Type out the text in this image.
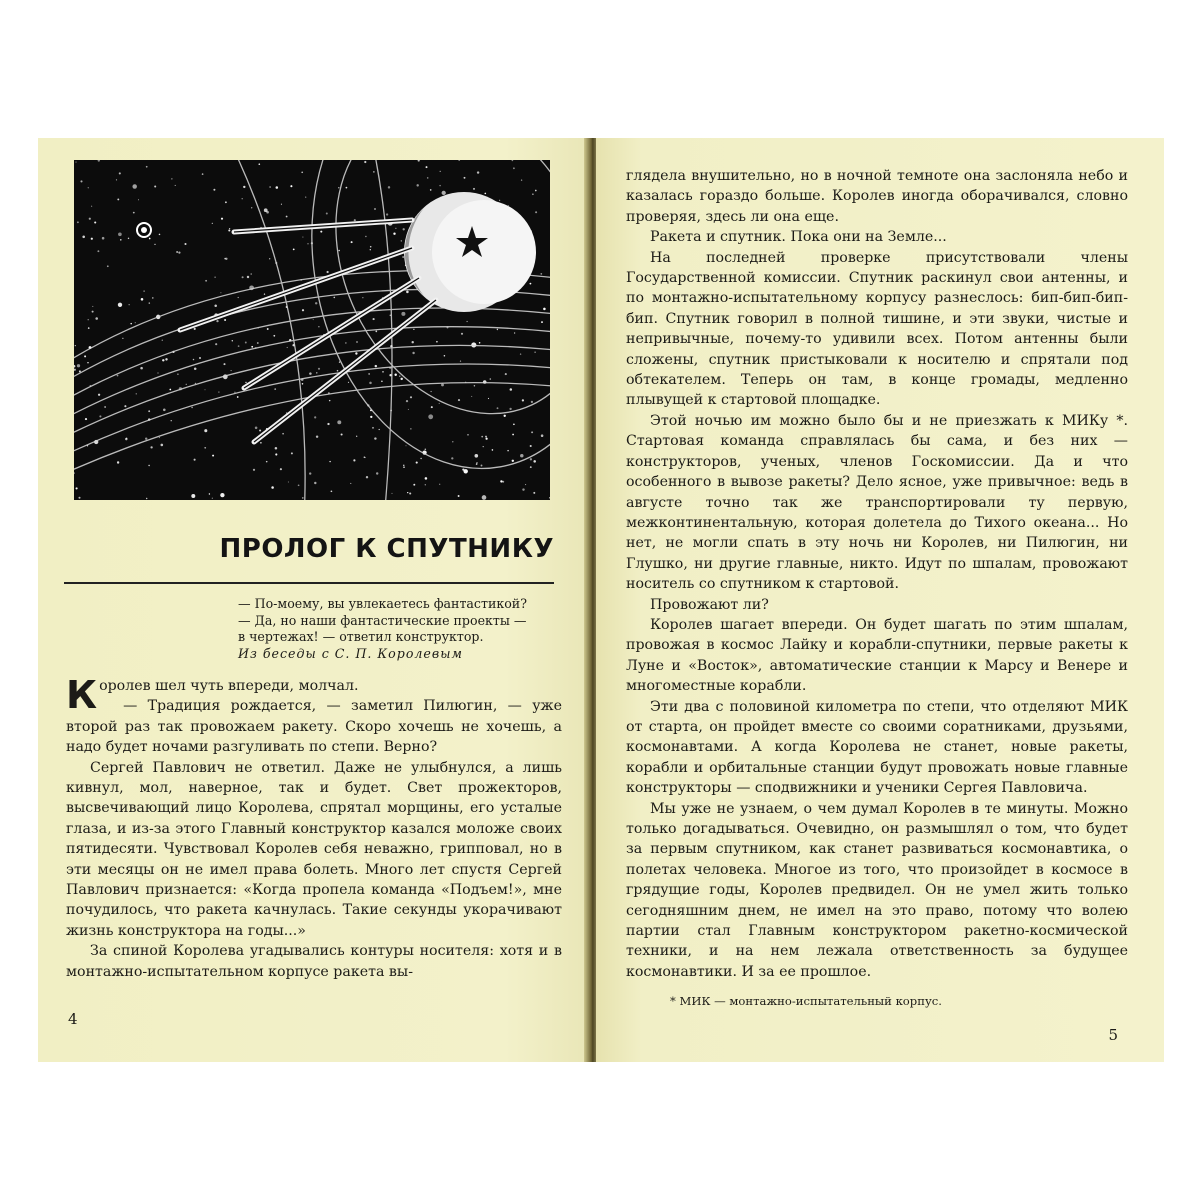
ПРОЛОГ К СПУТНИКУ
— По-моему, вы увлекаетесь фантастикой?
— Да, но наши фантастические проекты —
в чертежах! — ответил конструктор.
Из беседы с С. П. Королевым

Королев шел чуть впереди, молчал.

— Традиция рождается, — заметил Пилюгин, — уже второй раз так провожаем ракету. Скоро хочешь не хочешь, а надо будет ночами разгуливать по степи. Верно?

Сергей Павлович не ответил. Даже не улыбнулся, а лишь кивнул, мол, наверное, так и будет. Свет прожекторов, высвечивающий лицо Королева, спрятал морщины, его усталые глаза, и из-за этого Главный конструктор казался моложе своих пятидесяти. Чувствовал Королев себя неважно, гриппoвал, но в эти месяцы он не имел права болеть. Много лет спустя Сергей Павлович признается: «Когда пропела команда «Подъем!», мне почудилось, что ракета качнулась. Такие секунды укорачивают жизнь конструктора на годы...»

За спиной Королева угадывались контуры носителя: хотя и в монтажно-испытательном корпусе ракета вы-

4

глядела внушительно, но в ночной темноте она заслоняла небо и казалась гораздо больше. Королев иногда оборачивался, словно проверяя, здесь ли она еще.

Ракета и спутник. Пока они на Земле...

На последней проверке присутствовали члены Государственной комиссии. Спутник раскинул свои антенны, и по монтажно-испытательному корпусу разнеслось: бип-бип-бип-бип. Спутник говорил в полной тишине, и эти звуки, чистые и непривычные, почему-то удивили всех. Потом антенны были сложены, спутник пристыковали к носителю и спрятали под обтекателем. Теперь он там, в конце громады, медленно плывущей к стартовой площадке.

Этой ночью им можно было бы и не приезжать к МИКу *. Стартовая команда справлялась бы сама, и без них — конструкторов, ученых, членов Госкомиссии. Да и что особенного в вывозе ракеты? Дело ясное, уже привычное: ведь в августе точно так же транспортировали ту первую, межконтинентальную, которая долетела до Тихого океана... Но нет, не могли спать в эту ночь ни Королев, ни Пилюгин, ни Глушко, ни другие главные, никто. Идут по шпалам, провожают носитель со спутником к стартовой.

Провожают ли?

Королев шагает впереди. Он будет шагать по этим шпалам, провожая в космос Лайку и корабли-спутники, первые ракеты к Луне и «Восток», автоматические станции к Марсу и Венере и многоместные корабли.

Эти два с половиной километра по степи, что отделяют МИК от старта, он пройдет вместе со своими соратниками, друзьями, космонавтами. А когда Королева не станет, новые ракеты, корабли и орбитальные станции будут провожать новые главные конструкторы — сподвижники и ученики Сергея Павловича.

Мы уже не узнаем, о чем думал Королев в те минуты. Можно только догадываться. Очевидно, он размышлял о том, что будет за первым спутником, как станет развиваться космонавтика, о полетах человека. Многое из того, что произойдет в космосе в грядущие годы, Королев предвидел. Он не умел жить только сегодняшним днем, не имел на это право, потому что волею партии стал Главным конструктором ракетно-космической техники, и на нем лежала ответственность за будущее космонавтики. И за ее прошлое.

* МИК — монтажно-испытательный корпус.
5
